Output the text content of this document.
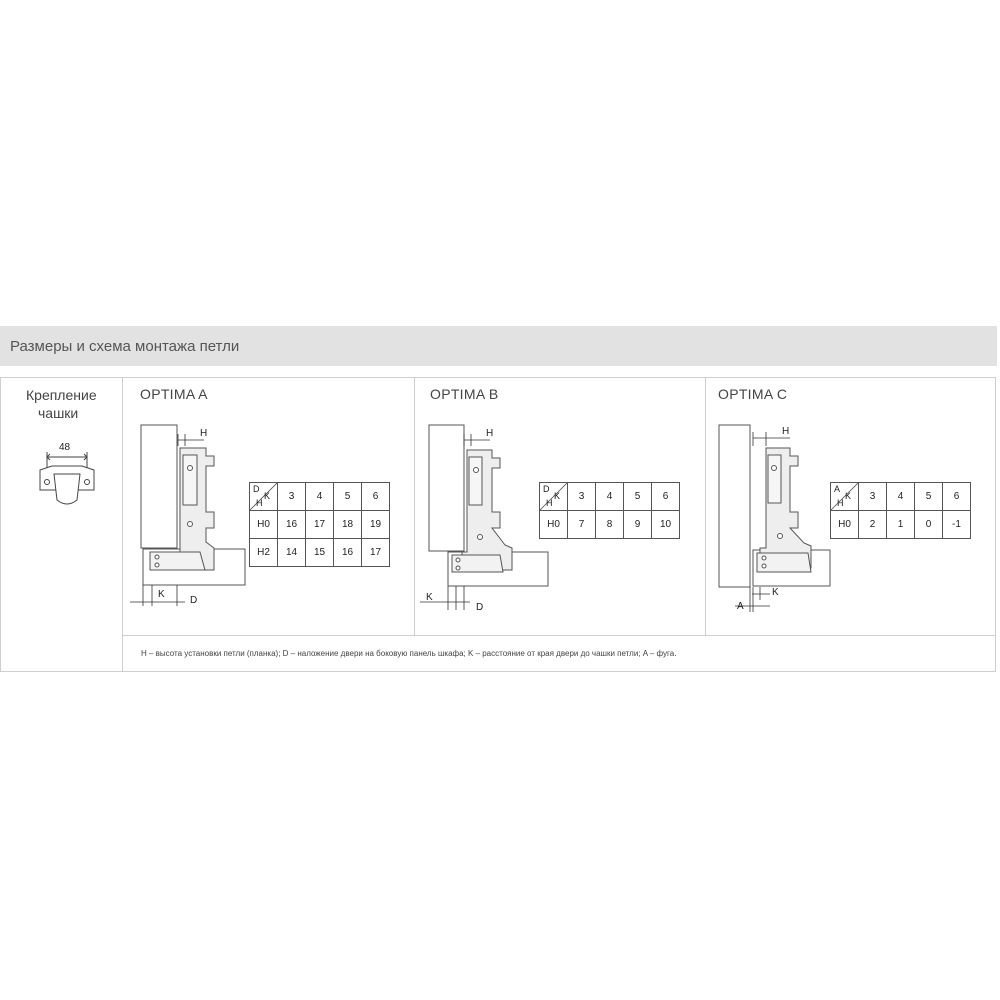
Размеры и схема монтажа петли
Крепление
чашки
48
OPTIMA A
H
K
D
D
K
H	3	4	5	6
H0	16	17	18	19
H2	14	15	16	17
OPTIMA B
H
K
D
D
K
H	3	4	5	6
H0	7	8	9	10
OPTIMA C
H
K
A
A
K
H	3	4	5	6
H0	2	1	0	-1
H – высота установки петли (планка); D – наложение двери на боковую панель шкафа; K – расстояние от края двери до чашки петли; A – фуга.
